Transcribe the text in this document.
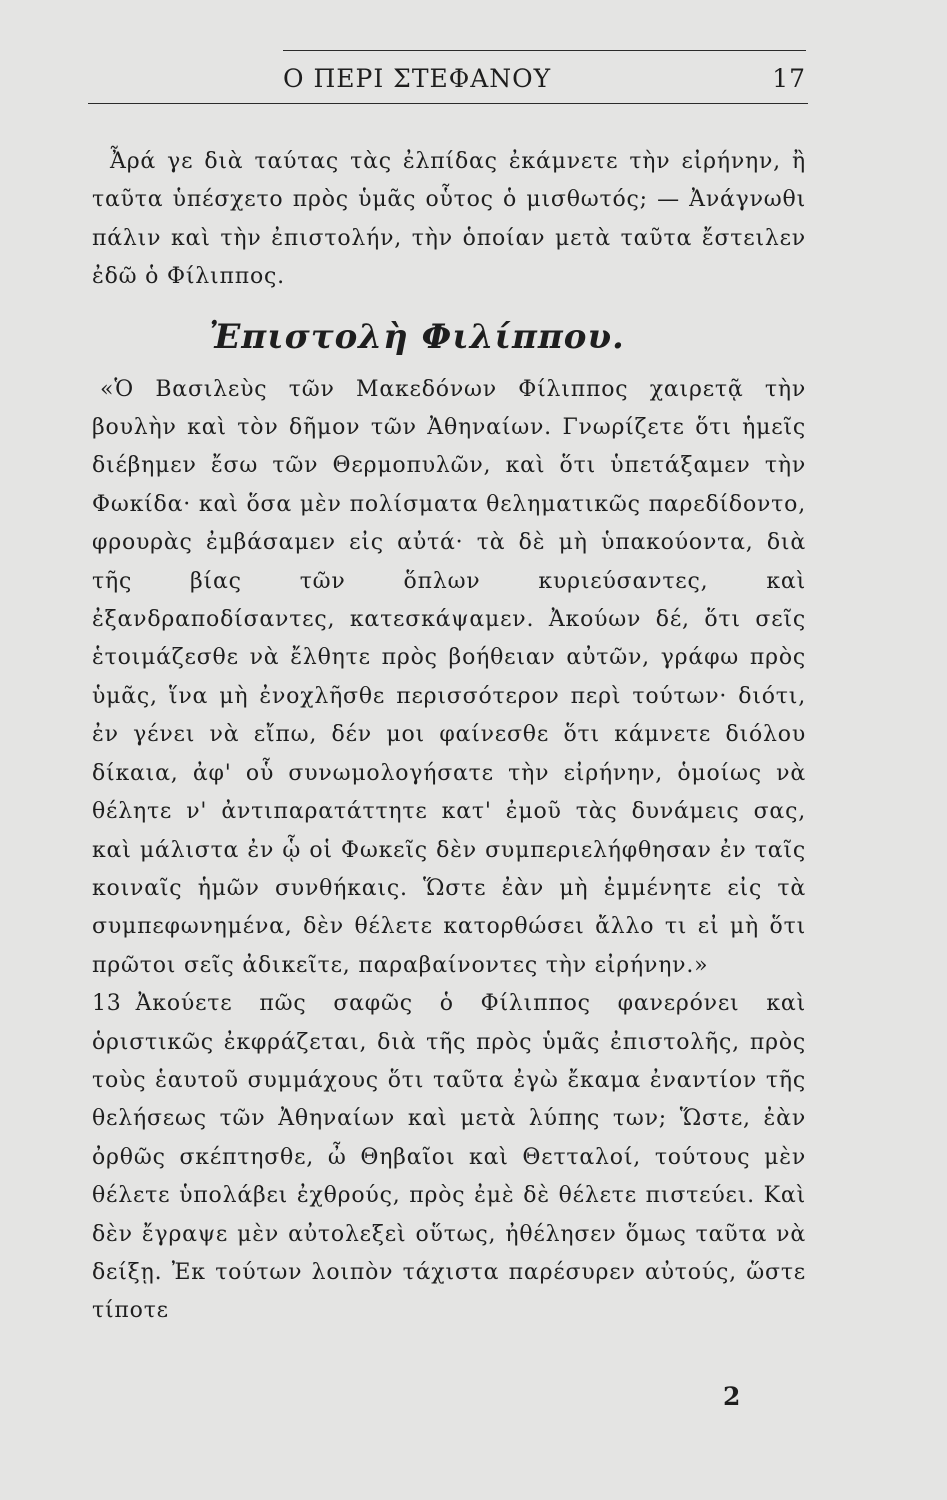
Ο ΠΕΡΙ ΣΤΕΦΑΝΟΥ	17

Ἆρά γε διὰ ταύτας τὰς ἐλπίδας ἐκάμνετε τὴν εἰρήνην, ἢ ταῦτα ὑπέσχετο πρὸς ὑμᾶς οὗτος ὁ μισθωτός; — Ἀνάγνωθι πάλιν καὶ τὴν ἐπιστολήν, τὴν ὁποίαν μετὰ ταῦτα ἔστειλεν ἐδῶ ὁ Φίλιππος.

Ἐπιστολὴ Φιλίππου.

«Ὁ Βασιλεὺς τῶν Μακεδόνων Φίλιππος χαιρετᾷ τὴν βουλὴν καὶ τὸν δῆμον τῶν Ἀθηναίων. Γνωρίζετε ὅτι ἡμεῖς διέβημεν ἔσω τῶν Θερμοπυλῶν, καὶ ὅτι ὑπετάξαμεν τὴν Φωκίδα· καὶ ὅσα μὲν πολίσματα θεληματικῶς παρεδίδοντο, φρουρὰς ἐμβάσαμεν εἰς αὐτά· τὰ δὲ μὴ ὑπακούοντα, διὰ τῆς βίας τῶν ὅπλων κυριεύσαντες, καὶ ἐξανδραποδίσαντες, κατεσκάψαμεν. Ἀκούων δέ, ὅτι σεῖς ἑτοιμάζεσθε νὰ ἔλθητε πρὸς βοήθειαν αὐτῶν, γράφω πρὸς ὑμᾶς, ἵνα μὴ ἐνοχλῆσθε περισσότερον περὶ τούτων· διότι, ἐν γένει νὰ εἴπω, δέν μοι φαίνεσθε ὅτι κάμνετε διόλου δίκαια, ἀφ' οὗ συνωμολογήσατε τὴν εἰρήνην, ὁμοίως νὰ θέλητε ν' ἀντιπαρατάττητε κατ' ἐμοῦ τὰς δυνάμεις σας, καὶ μάλιστα ἐν ᾧ οἱ Φωκεῖς δὲν συμπεριελήφθησαν ἐν ταῖς κοιναῖς ἡμῶν συνθήκαις. Ὥστε ἐὰν μὴ ἐμμένητε εἰς τὰ συμπεφωνημένα, δὲν θέλετε κατορθώσει ἄλλο τι εἰ μὴ ὅτι πρῶτοι σεῖς ἀδικεῖτε, παραβαίνοντες τὴν εἰρήνην.»

13 Ἀκούετε πῶς σαφῶς ὁ Φίλιππος φανερόνει καὶ ὁριστικῶς ἐκφράζεται, διὰ τῆς πρὸς ὑμᾶς ἐπιστολῆς, πρὸς τοὺς ἑαυτοῦ συμμάχους ὅτι ταῦτα ἐγὼ ἔκαμα ἐναντίον τῆς θελήσεως τῶν Ἀθηναίων καὶ μετὰ λύπης των; Ὥστε, ἐὰν ὀρθῶς σκέπτησθε, ὦ Θηβαῖοι καὶ Θετταλοί, τούτους μὲν θέλετε ὑπολάβει ἐχθρούς, πρὸς ἐμὲ δὲ θέλετε πιστεύει. Καὶ δὲν ἔγραψε μὲν αὐτολεξεὶ οὕτως, ἠθέλησεν ὅμως ταῦτα νὰ δείξῃ. Ἐκ τούτων λοιπὸν τάχιστα παρέσυρεν αὐτούς, ὥστε τίποτε

2
